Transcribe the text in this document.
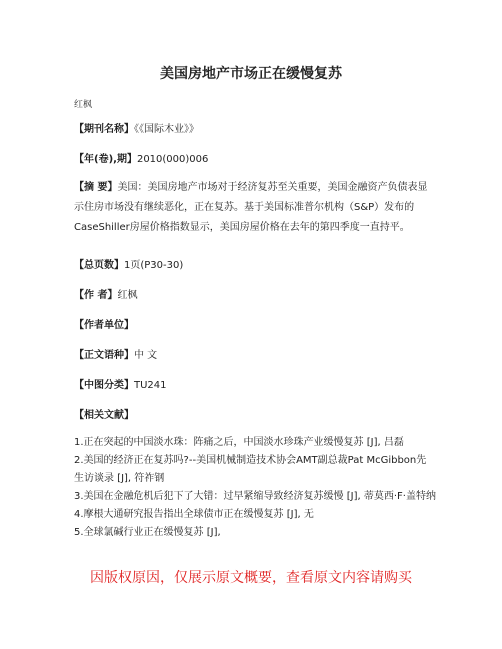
美国房地产市场正在缓慢复苏
红枫
【期刊名称】《《国际木业》》
【年(卷),期】2010(000)006
【摘 要】美国：美国房地产市场对于经济复苏至关重要，美国金融资产负债表显示住房市场没有继续恶化，正在复苏。基于美国标准普尔机构（S&P）发布的CaseShiller房屋价格指数显示，美国房屋价格在去年的第四季度一直持平。
【总页数】1页(P30-30)
【作 者】红枫
【作者单位】
【正文语种】中 文
【中图分类】TU241
【相关文献】
1.正在突起的中国淡水珠：阵痛之后，中国淡水珍珠产业缓慢复苏 [J], 吕磊
2.美国的经济正在复苏吗?--美国机械制造技术协会AMT副总裁Pat McGibbon先生访谈录 [J], 符祚钢
3.美国在金融危机后犯下了大错：过早紧缩导致经济复苏缓慢 [J], 蒂莫西·F·盖特纳
4.摩根大通研究报告指出全球债市正在缓慢复苏 [J], 无
5.全球氯碱行业正在缓慢复苏 [J],
因版权原因，仅展示原文概要，查看原文内容请购买
